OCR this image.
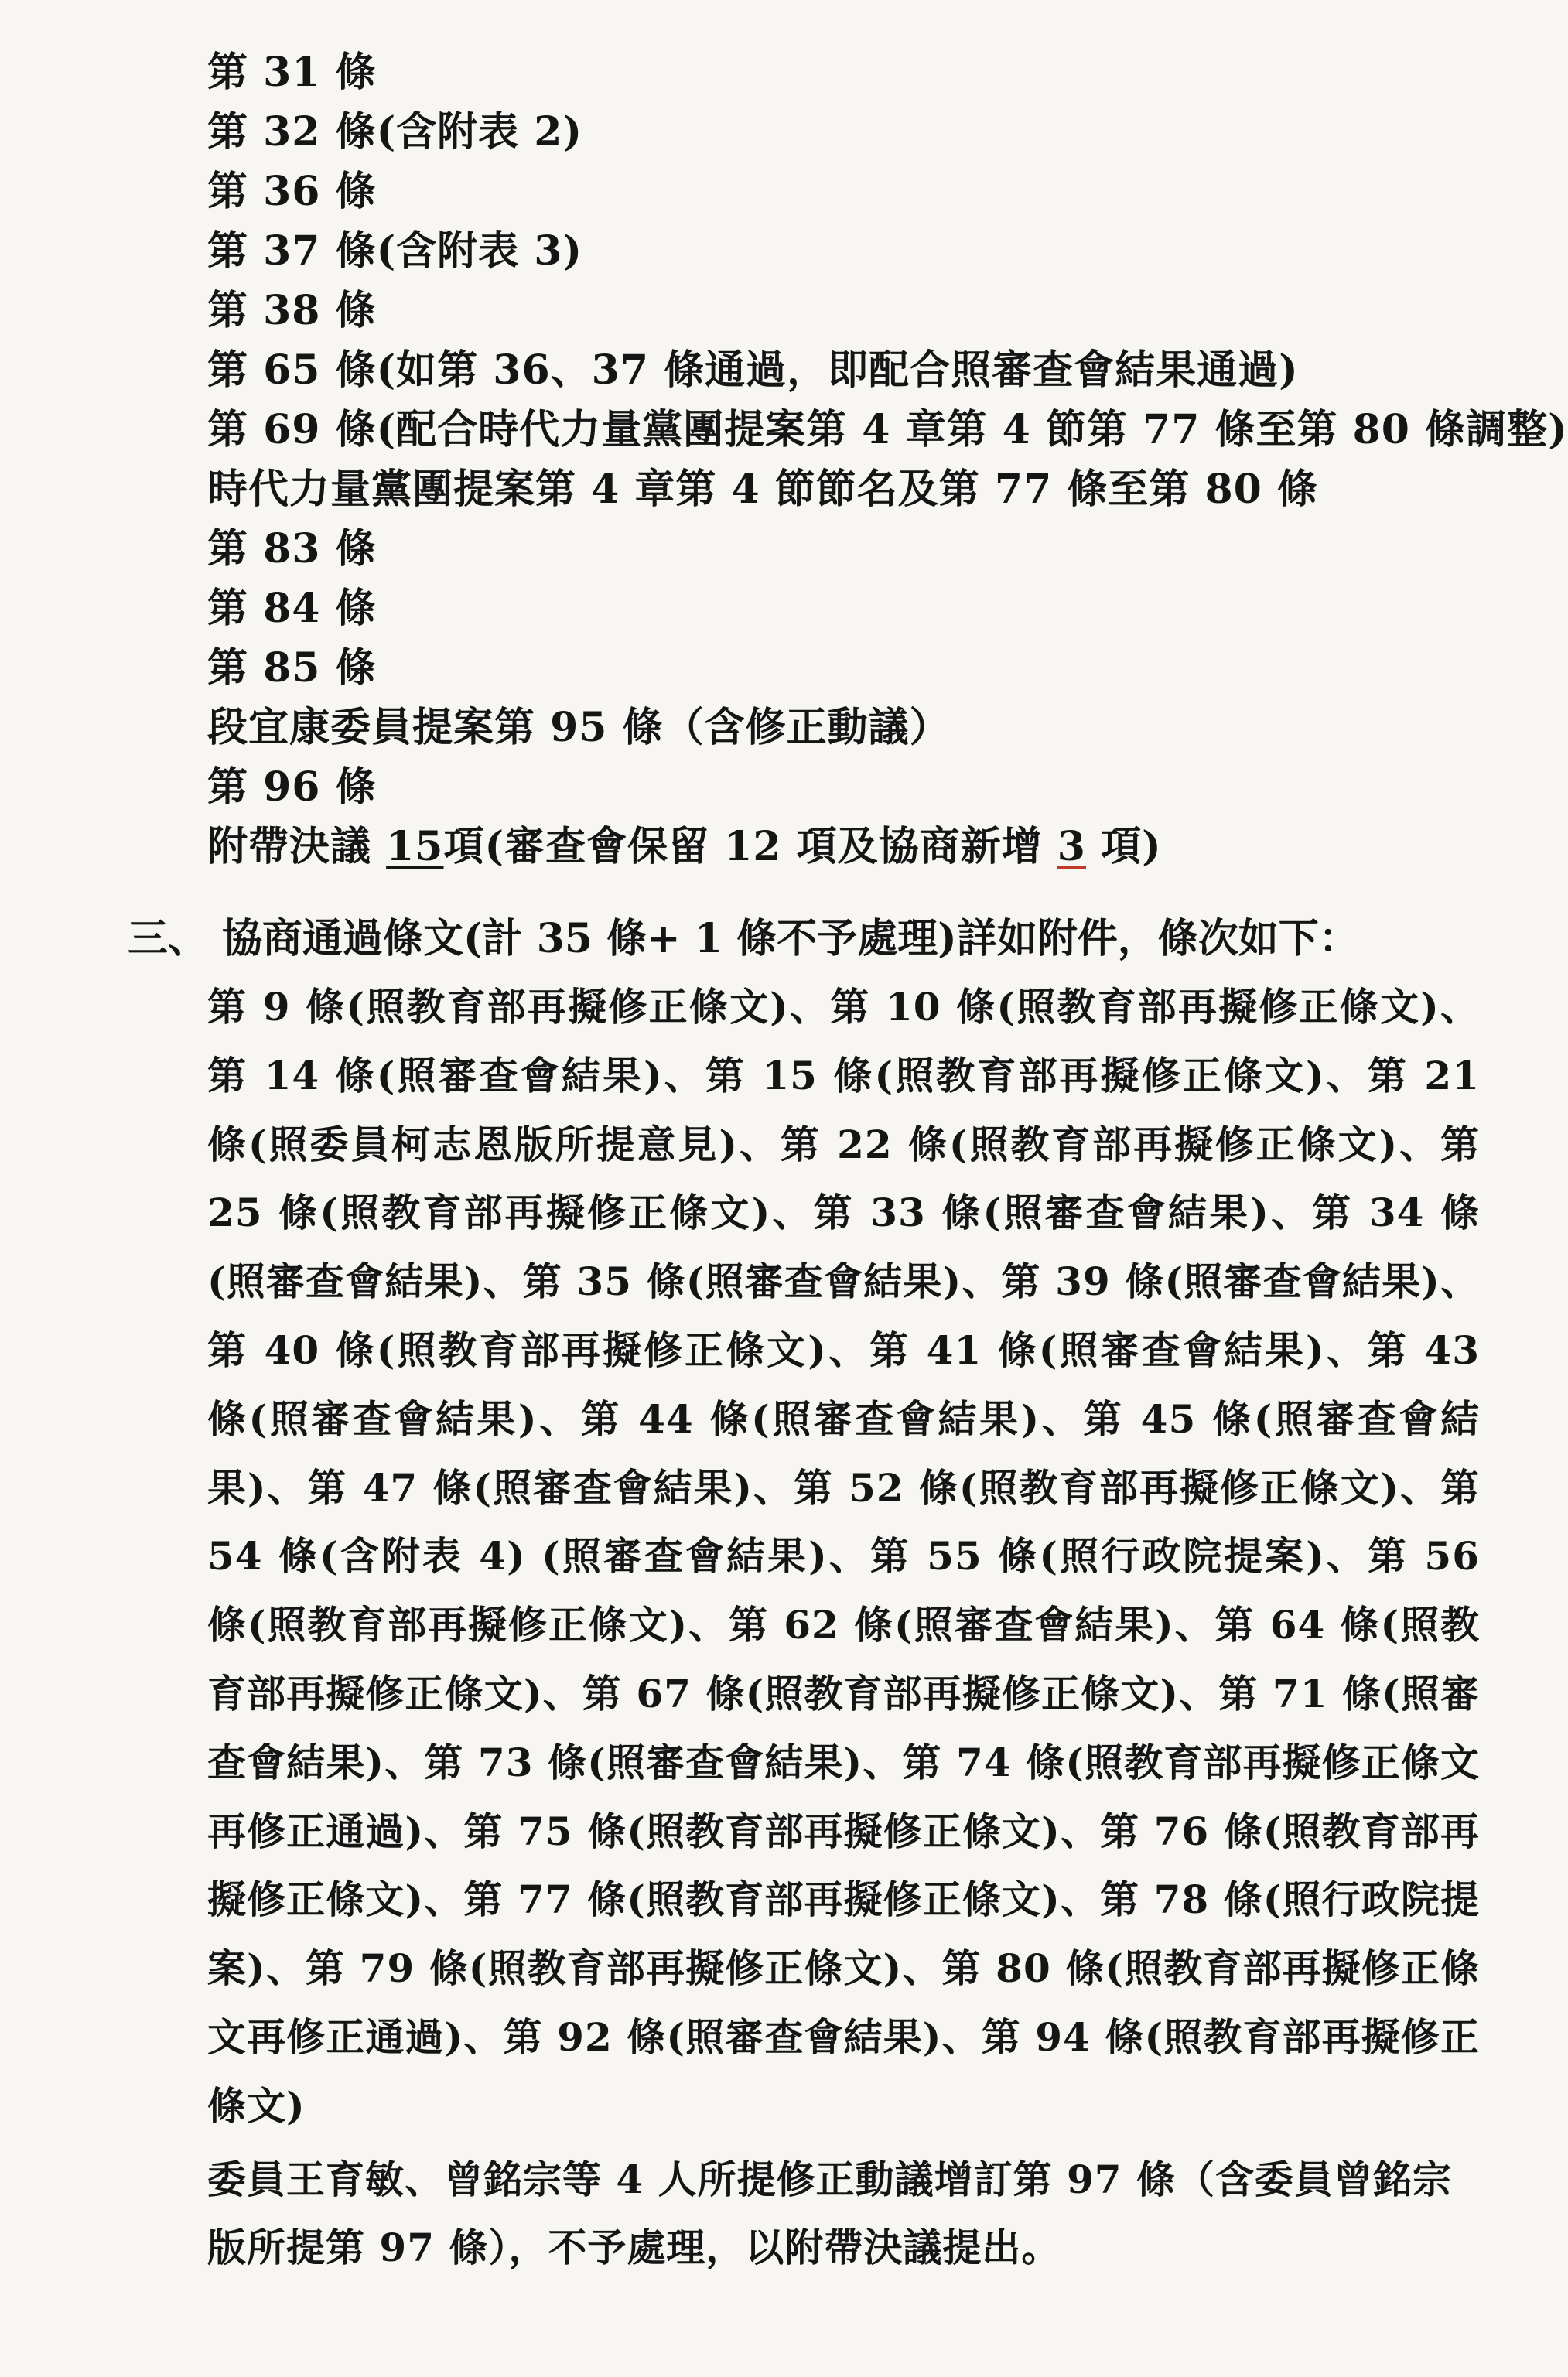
第 31 條
第 32 條(含附表 2)
第 36 條
第 37 條(含附表 3)
第 38 條
第 65 條(如第 36、37 條通過，即配合照審查會結果通過)
第 69 條(配合時代力量黨團提案第 4 章第 4 節第 77 條至第 80 條調整)
時代力量黨團提案第 4 章第 4 節節名及第 77 條至第 80 條
第 83 條
第 84 條
第 85 條
段宜康委員提案第 95 條（含修正動議）
第 96 條
附帶決議 15項(審查會保留 12 項及協商新增 3 項)
三、 協商通過條文(計 35 條+ 1 條不予處理)詳如附件，條次如下：
第 9 條(照教育部再擬修正條文)、第 10 條(照教育部再擬修正條文)、第 14 條(照審查會結果)、第 15 條(照教育部再擬修正條文)、第 21 條(照委員柯志恩版所提意見)、第 22 條(照教育部再擬修正條文)、第 25 條(照教育部再擬修正條文)、第 33 條(照審查會結果)、第 34 條(照審查會結果)、第 35 條(照審查會結果)、第 39 條(照審查會結果)、第 40 條(照教育部再擬修正條文)、第 41 條(照審查會結果)、第 43 條(照審查會結果)、第 44 條(照審查會結果)、第 45 條(照審查會結果)、第 47 條(照審查會結果)、第 52 條(照教育部再擬修正條文)、第 54 條(含附表 4) (照審查會結果)、第 55 條(照行政院提案)、第 56 條(照教育部再擬修正條文)、第 62 條(照審查會結果)、第 64 條(照教育部再擬修正條文)、第 67 條(照教育部再擬修正條文)、第 71 條(照審查會結果)、第 73 條(照審查會結果)、第 74 條(照教育部再擬修正條文再修正通過)、第 75 條(照教育部再擬修正條文)、第 76 條(照教育部再擬修正條文)、第 77 條(照教育部再擬修正條文)、第 78 條(照行政院提案)、第 79 條(照教育部再擬修正條文)、第 80 條(照教育部再擬修正條文再修正通過)、第 92 條(照審查會結果)、第 94 條(照教育部再擬修正條文)
委員王育敏、曾銘宗等 4 人所提修正動議增訂第 97 條（含委員曾銘宗版所提第 97 條），不予處理，以附帶決議提出。
